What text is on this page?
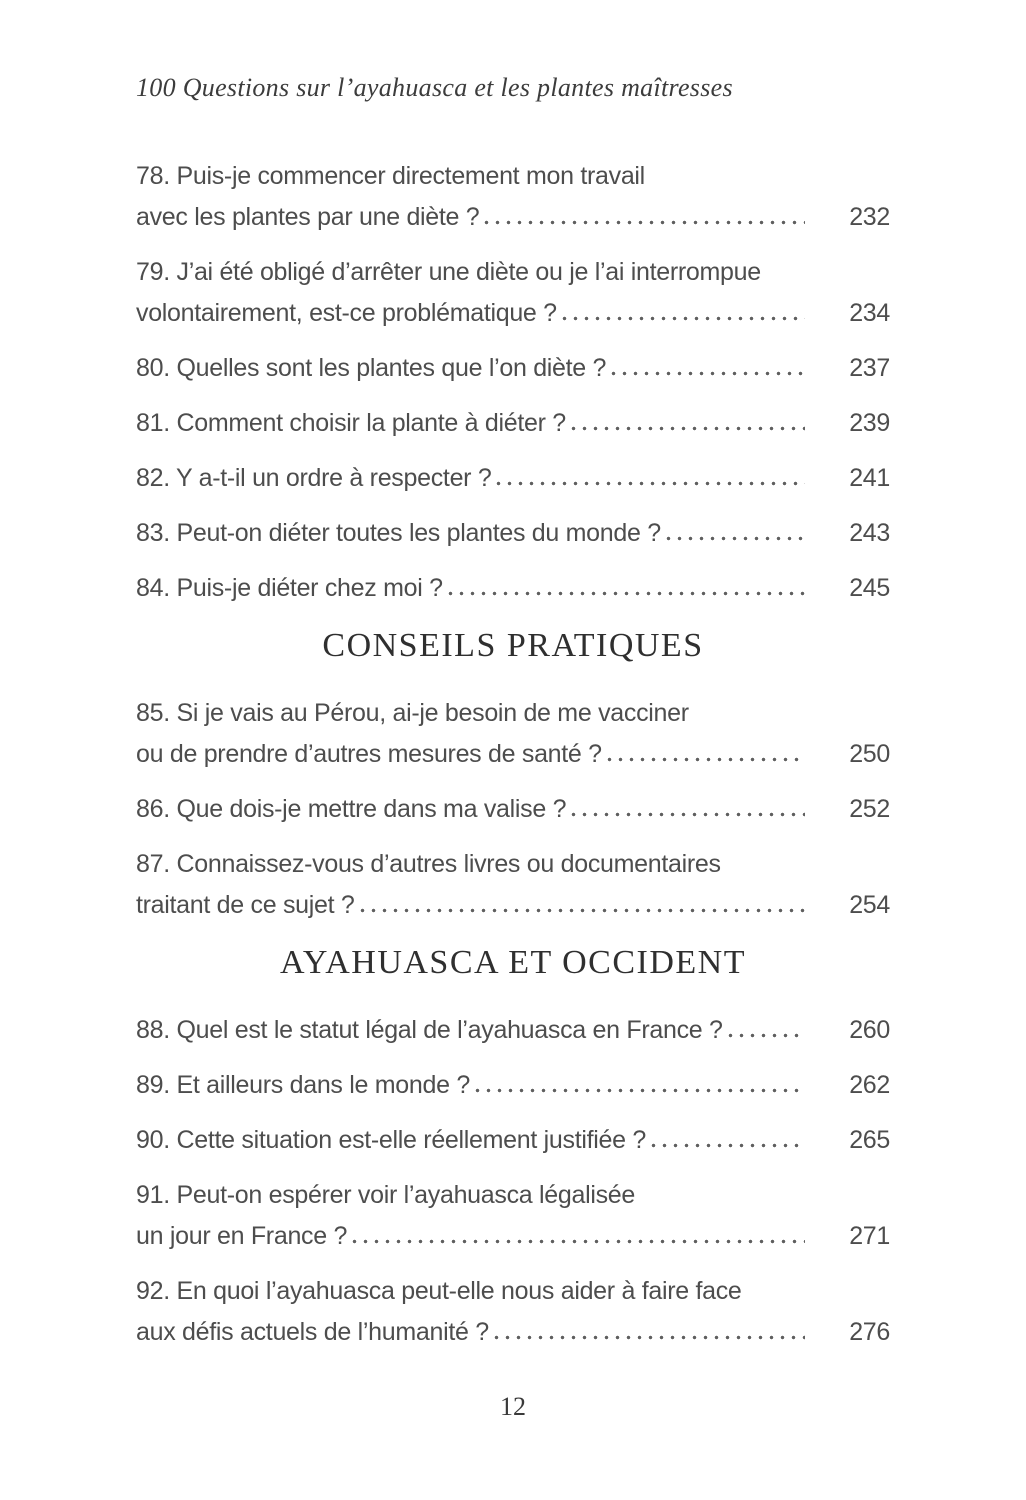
100 Questions sur l’ayahuasca et les plantes maîtresses
78. Puis-je commencer directement mon travail
avec les plantes par une diète ?	232
79. J’ai été obligé d’arrêter une diète ou je l’ai interrompue
volontairement, est-ce problématique ?	234
80. Quelles sont les plantes que l’on diète ?	237
81. Comment choisir la plante à diéter ?	239
82. Y a-t-il un ordre à respecter ?	241
83. Peut-on diéter toutes les plantes du monde ?	243
84. Puis-je diéter chez moi ?	245
CONSEILS PRATIQUES
85. Si je vais au Pérou, ai-je besoin de me vacciner
ou de prendre d’autres mesures de santé ?	250
86. Que dois-je mettre dans ma valise ?	252
87. Connaissez-vous d’autres livres ou documentaires
traitant de ce sujet ?	254
AYAHUASCA ET OCCIDENT
88. Quel est le statut légal de l’ayahuasca en France ?	260
89. Et ailleurs dans le monde ?	262
90. Cette situation est-elle réellement justifiée ?	265
91. Peut-on espérer voir l’ayahuasca légalisée
un jour en France ?	271
92. En quoi l’ayahuasca peut-elle nous aider à faire face
aux défis actuels de l’humanité ?	276
12
